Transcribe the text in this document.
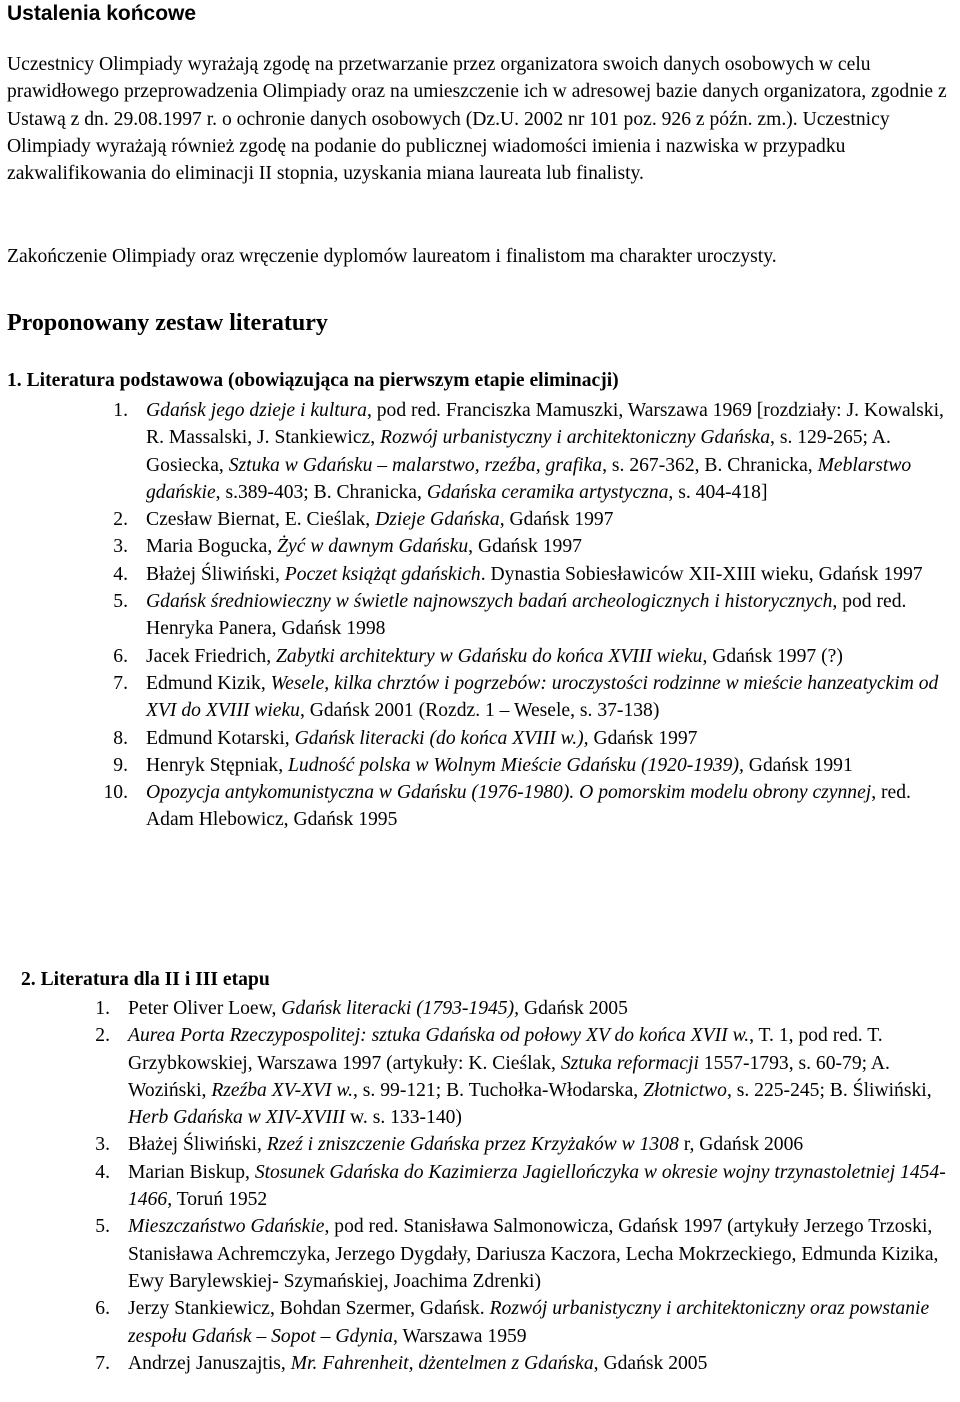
Ustalenia końcowe

Uczestnicy Olimpiady wyrażają zgodę na przetwarzanie przez organizatora swoich danych osobowych w celu prawidłowego przeprowadzenia Olimpiady oraz na umieszczenie ich w adresowej bazie danych organizatora, zgodnie z Ustawą z dn. 29.08.1997 r. o ochronie danych osobowych (Dz.U. 2002 nr 101 poz. 926 z późn. zm.). Uczestnicy Olimpiady wyrażają również zgodę na podanie do publicznej wiadomości imienia i nazwiska w przypadku zakwalifikowania do eliminacji II stopnia, uzyskania miana laureata lub finalisty.

Zakończenie Olimpiady oraz wręczenie dyplomów laureatom i finalistom ma charakter uroczysty.

Proponowany zestaw literatury
1. Literatura podstawowa (obowiązująca na pierwszym etapie eliminacji)
1. Gdańsk jego dzieje i kultura, pod red. Franciszka Mamuszki, Warszawa 1969 [rozdziały: J. Kowalski, R. Massalski, J. Stankiewicz, Rozwój urbanistyczny i architektoniczny Gdańska, s. 129-265; A. Gosiecka, Sztuka w Gdańsku – malarstwo, rzeźba, grafika, s. 267-362, B. Chranicka, Meblarstwo gdańskie, s.389-403; B. Chranicka, Gdańska ceramika artystyczna, s. 404-418]
2. Czesław Biernat, E. Cieślak, Dzieje Gdańska, Gdańsk 1997
3. Maria Bogucka, Żyć w dawnym Gdańsku, Gdańsk 1997
4. Błażej Śliwiński, Poczet książąt gdańskich. Dynastia Sobiesławiców XII-XIII wieku, Gdańsk 1997
5. Gdańsk średniowieczny w świetle najnowszych badań archeologicznych i historycznych, pod red. Henryka Panera, Gdańsk 1998
6. Jacek Friedrich, Zabytki architektury w Gdańsku do końca XVIII wieku, Gdańsk 1997 (?)
7. Edmund Kizik, Wesele, kilka chrztów i pogrzebów: uroczystości rodzinne w mieście hanzeatyckim od XVI do XVIII wieku, Gdańsk 2001 (Rozdz. 1 – Wesele, s. 37-138)
8. Edmund Kotarski, Gdańsk literacki (do końca XVIII w.), Gdańsk 1997
9. Henryk Stępniak, Ludność polska w Wolnym Mieście Gdańsku (1920-1939), Gdańsk 1991
10. Opozycja antykomunistyczna w Gdańsku (1976-1980). O pomorskim modelu obrony czynnej, red. Adam Hlebowicz, Gdańsk 1995
2. Literatura dla II i III etapu
1. Peter Oliver Loew, Gdańsk literacki (1793-1945), Gdańsk 2005
2. Aurea Porta Rzeczypospolitej: sztuka Gdańska od połowy XV do końca XVII w., T. 1, pod red. T. Grzybkowskiej, Warszawa 1997 (artykuły: K. Cieślak, Sztuka reformacji 1557-1793, s. 60-79; A. Woziński, Rzeźba XV-XVI w., s. 99-121; B. Tuchołka-Włodarska, Złotnictwo, s. 225-245; B. Śliwiński, Herb Gdańska w XIV-XVIII w. s. 133-140)
3. Błażej Śliwiński, Rzeź i zniszczenie Gdańska przez Krzyżaków w 1308 r, Gdańsk 2006
4. Marian Biskup, Stosunek Gdańska do Kazimierza Jagiellończyka w okresie wojny trzynastoletniej 1454-1466, Toruń 1952
5. Mieszczaństwo Gdańskie, pod red. Stanisława Salmonowicza, Gdańsk 1997 (artykuły Jerzego Trzoski, Stanisława Achremczyka, Jerzego Dygdały, Dariusza Kaczora, Lecha Mokrzeckiego, Edmunda Kizika, Ewy Barylewskiej- Szymańskiej, Joachima Zdrenki)
6. Jerzy Stankiewicz, Bohdan Szermer, Gdańsk. Rozwój urbanistyczny i architektoniczny oraz powstanie zespołu Gdańsk – Sopot – Gdynia, Warszawa 1959
7. Andrzej Januszajtis, Mr. Fahrenheit, dżentelmen z Gdańska, Gdańsk 2005
